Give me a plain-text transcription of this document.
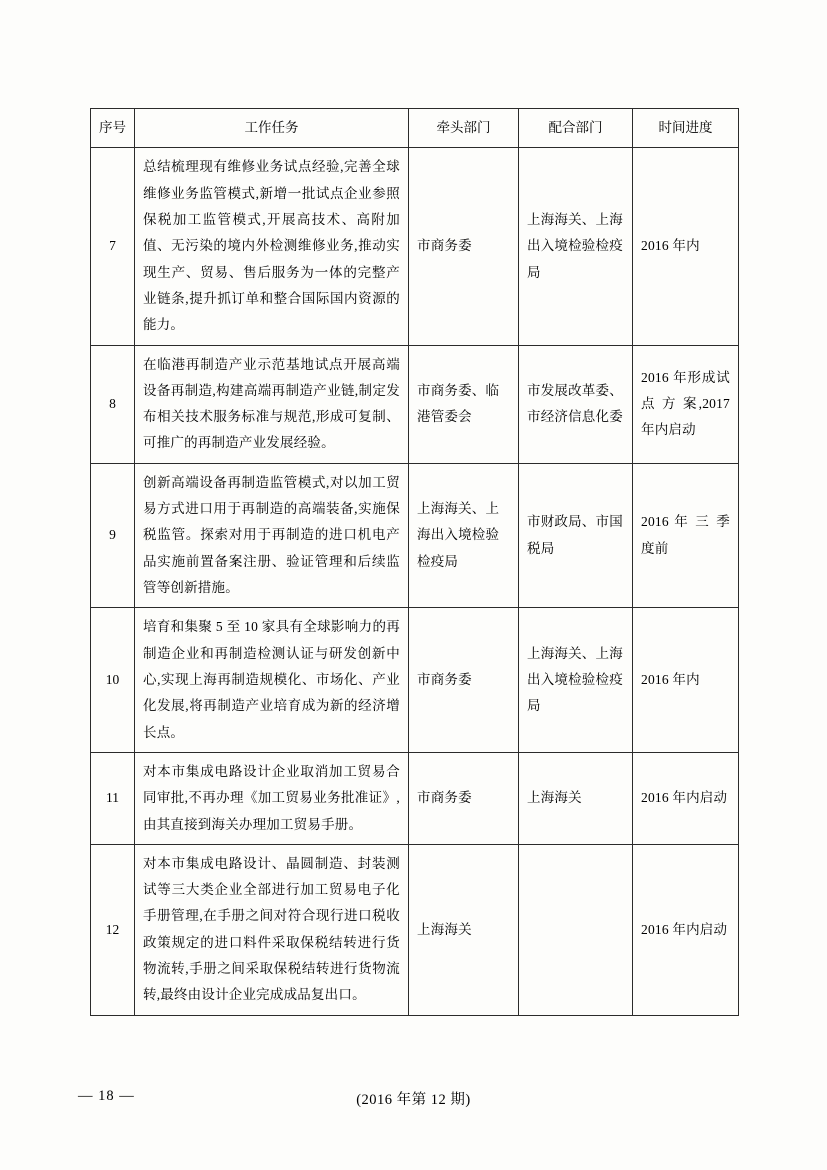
序号	工作任务	牵头部门	配合部门	时间进度
7	总结梳理现有维修业务试点经验,完善全球维修业务监管模式,新增一批试点企业参照保税加工监管模式,开展高技术、高附加值、无污染的境内外检测维修业务,推动实现生产、贸易、售后服务为一体的完整产业链条,提升抓订单和整合国际国内资源的能力。	市商务委	上海海关、上海出入境检验检疫局	2016 年内
8	在临港再制造产业示范基地试点开展高端设备再制造,构建高端再制造产业链,制定发布相关技术服务标准与规范,形成可复制、可推广的再制造产业发展经验。	市商务委、临港管委会	市发展改革委、市经济信息化委	2016 年形成试点 方 案,2017 年内启动
9	创新高端设备再制造监管模式,对以加工贸易方式进口用于再制造的高端装备,实施保税监管。探索对用于再制造的进口机电产品实施前置备案注册、验证管理和后续监管等创新措施。	上海海关、上海出入境检验检疫局	市财政局、市国税局	2016 年 三 季度前
10	培育和集聚 5 至 10 家具有全球影响力的再制造企业和再制造检测认证与研发创新中心,实现上海再制造规模化、市场化、产业化发展,将再制造产业培育成为新的经济增长点。	市商务委	上海海关、上海出入境检验检疫局	2016 年内
11	对本市集成电路设计企业取消加工贸易合同审批,不再办理《加工贸易业务批准证》,由其直接到海关办理加工贸易手册。	市商务委	上海海关	2016 年内启动
12	对本市集成电路设计、晶圆制造、封装测试等三大类企业全部进行加工贸易电子化手册管理,在手册之间对符合现行进口税收政策规定的进口料件采取保税结转进行货物流转,手册之间采取保税结转进行货物流转,最终由设计企业完成成品复出口。	上海海关		2016 年内启动
— 18 —	(2016 年第 12 期)
